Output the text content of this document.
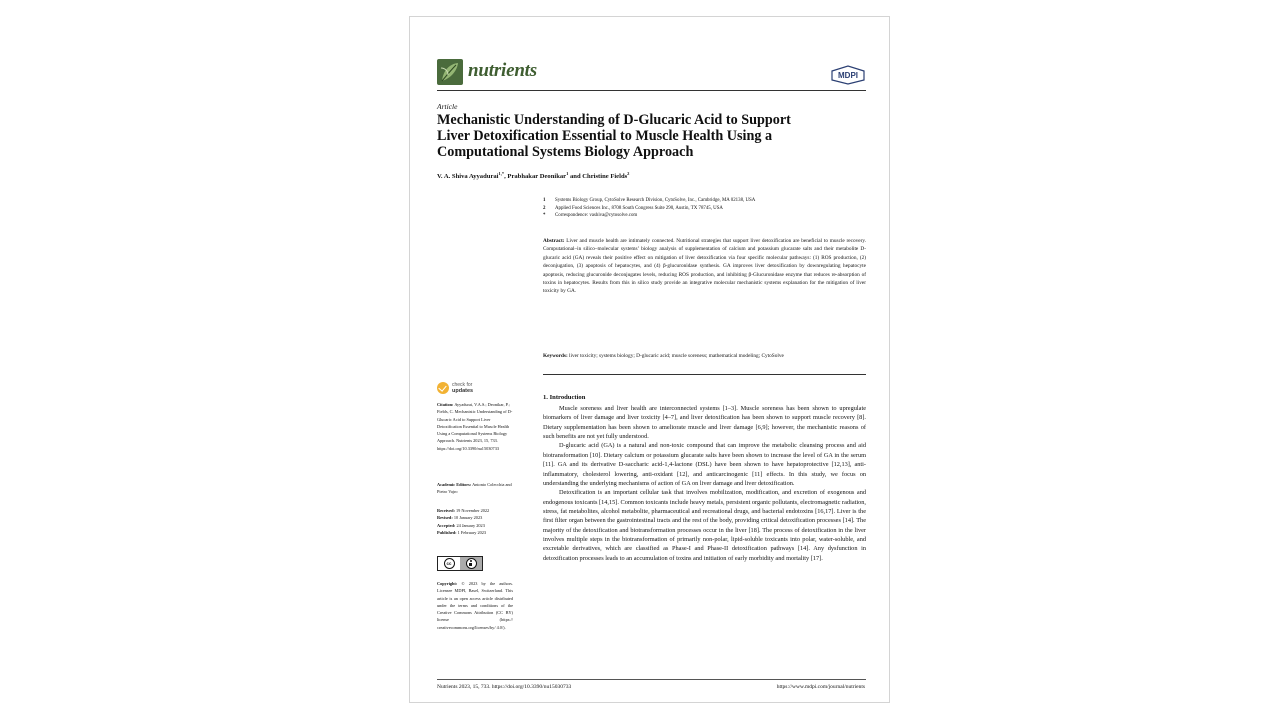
nutrients	MDPI
Article
Mechanistic Understanding of D-Glucaric Acid to Support
Liver Detoxification Essential to Muscle Health Using a
Computational Systems Biology Approach
V. A. Shiva Ayyadurai$^{1,*}$, Prabhakar Deonikar$^1$ and Christine Fields$^2$
1	Systems Biology Group, CytoSolve Research Division, CytoSolve, Inc., Cambridge, MA 02138, USA
2	Applied Food Sciences Inc., 8708 South Congress Suite 290, Austin, TX 78745, USA
*	Correspondence: vashiva@cytosolve.com
Abstract: Liver and muscle health are intimately connected. Nutritional strategies that support liver detoxification are beneficial to muscle recovery. Computational–in silico–molecular systems’ biology analysis of supplementation of calcium and potassium glucarate salts and their metabolite D-glucaric acid (GA) reveals their positive effect on mitigation of liver detoxification via four specific molecular pathways: (1) ROS production, (2) deconjugation, (3) apoptosis of hepatocytes, and (4) β-glucuronidase synthesis. GA improves liver detoxification by downregulating hepatocyte apoptosis, reducing glucuronide deconjugates levels, reducing ROS production, and inhibiting β-Glucuronidase enzyme that reduces re-absorption of toxins in hepatocytes. Results from this in silico study provide an integrative molecular mechanistic systems explanation for the mitigation of liver toxicity by GA.
Keywords: liver toxicity; systems biology; D-glucaric acid; muscle soreness; mathematical modeling; CytoSolve
check for
updates
Citation: Ayyadurai, V.A.S.; Deonikar, P.; Fields, C. Mechanistic Understanding of D-Glucaric Acid to Support Liver Detoxification Essential to Muscle Health Using a Computational Systems Biology Approach. Nutrients 2023, 15, 733. https://doi.org/10.3390/nu15030733
Academic Editors: Antonio Colecchia and Pietro Vajro
Received: 19 November 2022
Revised: 10 January 2023
Accepted: 24 January 2023
Published: 1 February 2023
cc
Copyright: © 2023 by the authors. Licensee MDPI, Basel, Switzerland. This article is an open access article distributed under the terms and conditions of the Creative Commons Attribution (CC BY) license (https:// creativecommons.org/licenses/by/ 4.0/).
1. Introduction

Muscle soreness and liver health are interconnected systems [1–3]. Muscle soreness has been shown to upregulate biomarkers of liver damage and liver toxicity [4–7], and liver detoxification has been shown to support muscle recovery [8]. Dietary supplementation has been shown to ameliorate muscle and liver damage [6,9]; however, the mechanistic reasons of such benefits are not yet fully understood.

D-glucaric acid (GA) is a natural and non-toxic compound that can improve the metabolic cleansing process and aid biotransformation [10]. Dietary calcium or potassium glucarate salts have been shown to increase the level of GA in the serum [11]. GA and its derivative D-saccharic acid-1,4-lactone (DSL) have been shown to have hepatoprotective [12,13], anti-inflammatory, cholesterol lowering, anti-oxidant [12], and anticarcinogenic [11] effects. In this study, we focus on understanding the underlying mechanisms of action of GA on liver damage and liver detoxification.

Detoxification is an important cellular task that involves mobilization, modification, and excretion of exogenous and endogenous toxicants [14,15]. Common toxicants include heavy metals, persistent organic pollutants, electromagnetic radiation, stress, fat metabolites, alcohol metabolite, pharmaceutical and recreational drugs, and bacterial endotoxins [16,17]. Liver is the first filter organ between the gastrointestinal tracts and the rest of the body, providing critical detoxification processes [14]. The majority of the detoxification and biotransformation processes occur in the liver [18]. The process of detoxification in the liver involves multiple steps in the biotransformation of primarily non-polar, lipid-soluble toxicants into polar, water-soluble, and excretable derivatives, which are classified as Phase-I and Phase-II detoxification pathways [14]. Any dysfunction in detoxification processes leads to an accumulation of toxins and initiation of early morbidity and mortality [17].

Nutrients 2023, 15, 733. https://doi.org/10.3390/nu15030733	https://www.mdpi.com/journal/nutrients
